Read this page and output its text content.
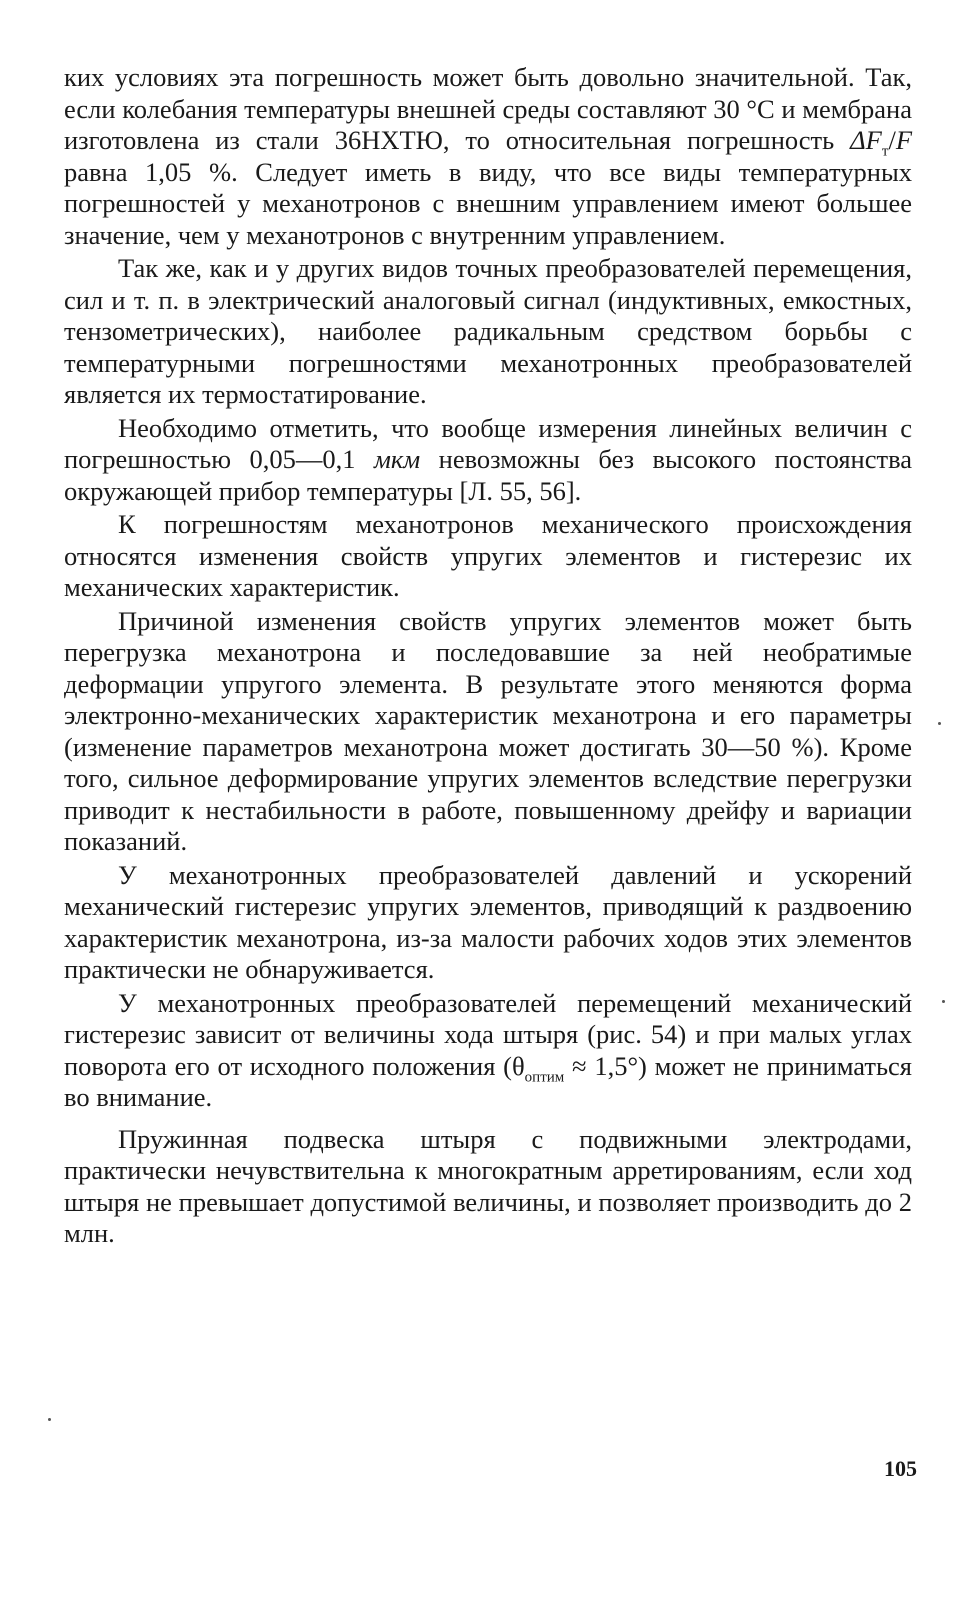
ких условиях эта погрешность может быть довольно значительной. Так, если колебания температуры внешней среды составляют 30 °С и мембрана изготовлена из стали 36НХТЮ, то относительная погрешность $\Delta F_т/F$ равна 1,05 %. Следует иметь в виду, что все виды температурных погрешностей у механотронов с внешним управлением имеют большее значение, чем у механотронов с внутренним управлением.

Так же, как и у других видов точных преобразователей перемещения, сил и т. п. в электрический аналоговый сигнал (индуктивных, емкостных, тензометрических), наиболее радикальным средством борьбы с температурными погрешностями механотронных преобразователей является их термостатирование.

Необходимо отметить, что вообще измерения линейных величин с погрешностью 0,05—0,1 мкм невозможны без высокого постоянства окружающей прибор температуры [Л. 55, 56].

К погрешностям механотронов механического происхождения относятся изменения свойств упругих элементов и гистерезис их механических характеристик.

Причиной изменения свойств упругих элементов может быть перегрузка механотрона и последовавшие за ней необратимые деформации упругого элемента. В результате этого меняются форма электронно-механических характеристик механотрона и его параметры (изменение параметров механотрона может достигать 30—50 %). Кроме того, сильное деформирование упругих элементов вследствие перегрузки приводит к нестабильности в работе, повышенному дрейфу и вариации показаний.

У механотронных преобразователей давлений и ускорений механический гистерезис упругих элементов, приводящий к раздвоению характеристик механотрона, из-за малости рабочих ходов этих элементов практически не обнаруживается.

У механотронных преобразователей перемещений механический гистерезис зависит от величины хода штыря (рис. 54) и при малых углах поворота его от исходного положения $(\theta_{оптим} \approx 1,5^\circ)$ может не приниматься во внимание.

Пружинная подвеска штыря с подвижными электродами, практически нечувствительна к многократным арретированиям, если ход штыря не превышает допустимой величины, и позволяет производить до 2 млн.

105
